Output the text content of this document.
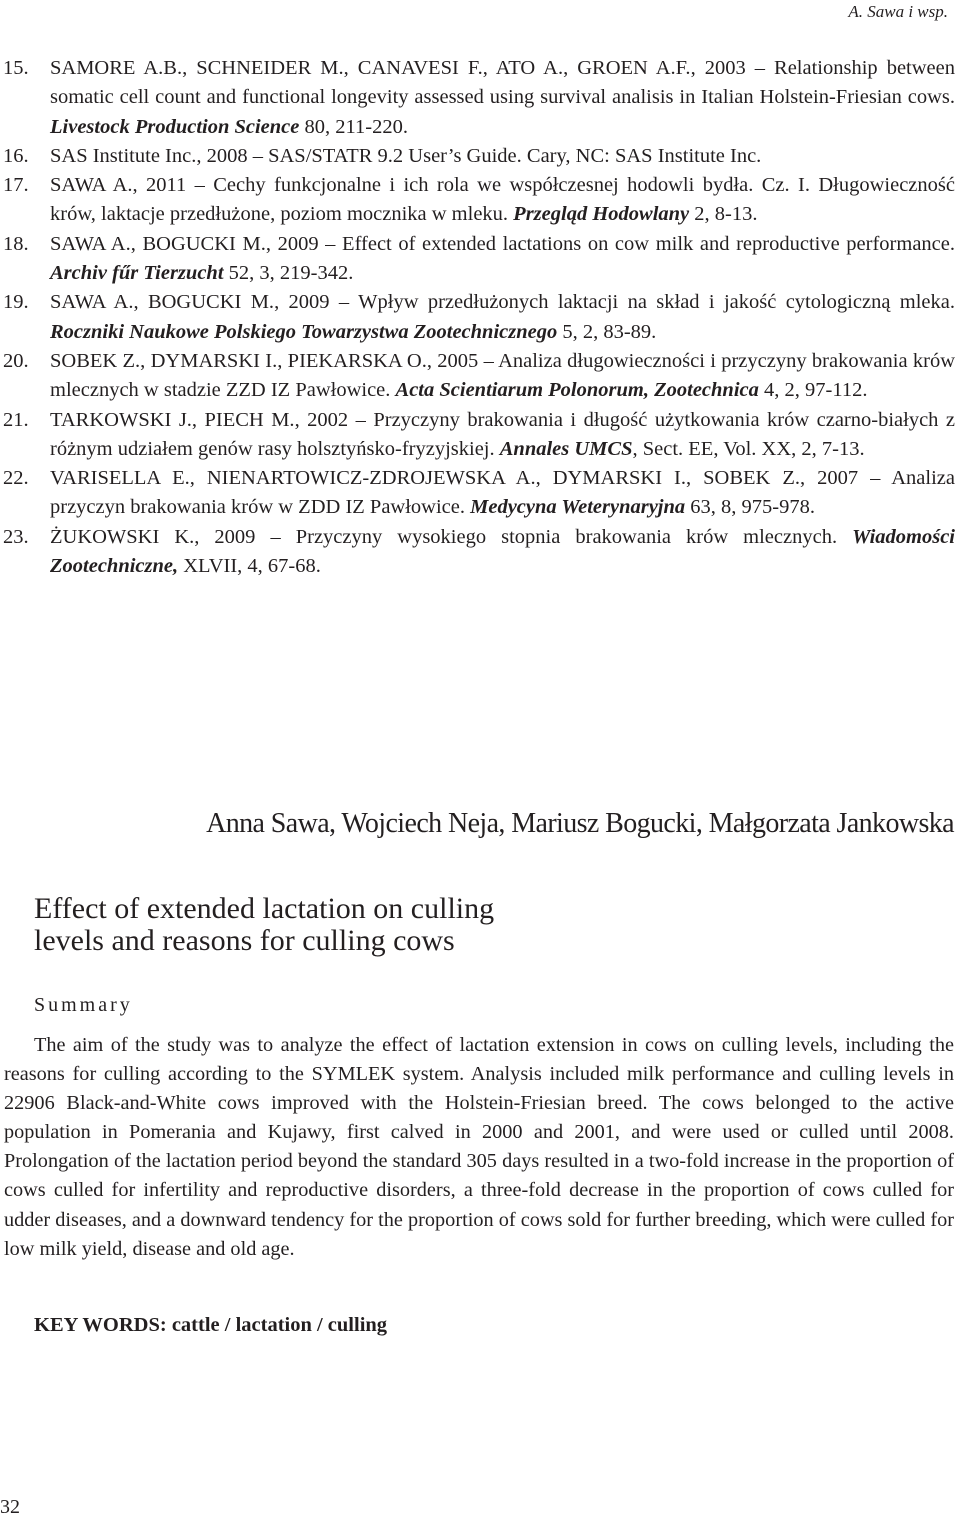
A. Sawa i wsp.
15.	SAMORE A.B., SCHNEIDER M., CANAVESI F., ATO A., GROEN A.F., 2003 – Relationship between somatic cell count and functional longevity assessed using survival analisis in Italian Holstein-Friesian cows. Livestock Production Science 80, 211-220.
16.	SAS Institute Inc., 2008 – SAS/STATR 9.2 User’s Guide. Cary, NC: SAS Institute Inc.
17.	SAWA A., 2011 – Cechy funkcjonalne i ich rola we współczesnej hodowli bydła. Cz. I. Długowieczność krów, laktacje przedłużone, poziom mocznika w mleku. Przegląd Hodowlany 2, 8-13.
18.	SAWA A., BOGUCKI M., 2009 – Effect of extended lactations on cow milk and reproductive performance. Archiv fűr Tierzucht 52, 3, 219-342.
19.	SAWA A., BOGUCKI M., 2009 – Wpływ przedłużonych laktacji na skład i jakość cytologiczną mleka. Roczniki Naukowe Polskiego Towarzystwa Zootechnicznego 5, 2, 83-89.
20.	SOBEK Z., DYMARSKI I., PIEKARSKA O., 2005 – Analiza długowieczności i przyczyny brakowania krów mlecznych w stadzie ZZD IZ Pawłowice. Acta Scientiarum Polonorum, Zootechnica 4, 2, 97-112.
21.	TARKOWSKI J., PIECH M., 2002 – Przyczyny brakowania i długość użytkowania krów czarno-białych z różnym udziałem genów rasy holsztyńsko-fryzyjskiej. Annales UMCS, Sect. EE, Vol. XX, 2, 7-13.
22.	VARISELLA E., NIENARTOWICZ-ZDROJEWSKA A., DYMARSKI I., SOBEK Z., 2007 – Analiza przyczyn brakowania krów w ZDD IZ Pawłowice. Medycyna Weterynaryjna 63, 8, 975-978.
23.	ŻUKOWSKI K., 2009 – Przyczyny wysokiego stopnia brakowania krów mlecznych. Wiadomości Zootechniczne, XLVII, 4, 67-68.
Anna Sawa, Wojciech Neja, Mariusz Bogucki, Małgorzata Jankowska
Effect of extended lactation on culling
levels and reasons for culling cows
Summary

The aim of the study was to analyze the effect of lactation extension in cows on culling levels, including the reasons for culling according to the SYMLEK system. Analysis included milk performance and culling levels in 22906 Black-and-White cows improved with the Holstein-Friesian breed. The cows belonged to the active population in Pomerania and Kujawy, first calved in 2000 and 2001, and were used or culled until 2008. Prolongation of the lactation period beyond the standard 305 days resulted in a two-fold increase in the proportion of cows culled for infertility and reproductive disorders, a three-fold decrease in the proportion of cows culled for udder diseases, and a downward tendency for the proportion of cows sold for further breeding, which were culled for low milk yield, disease and old age.

KEY WORDS: cattle / lactation / culling
32
